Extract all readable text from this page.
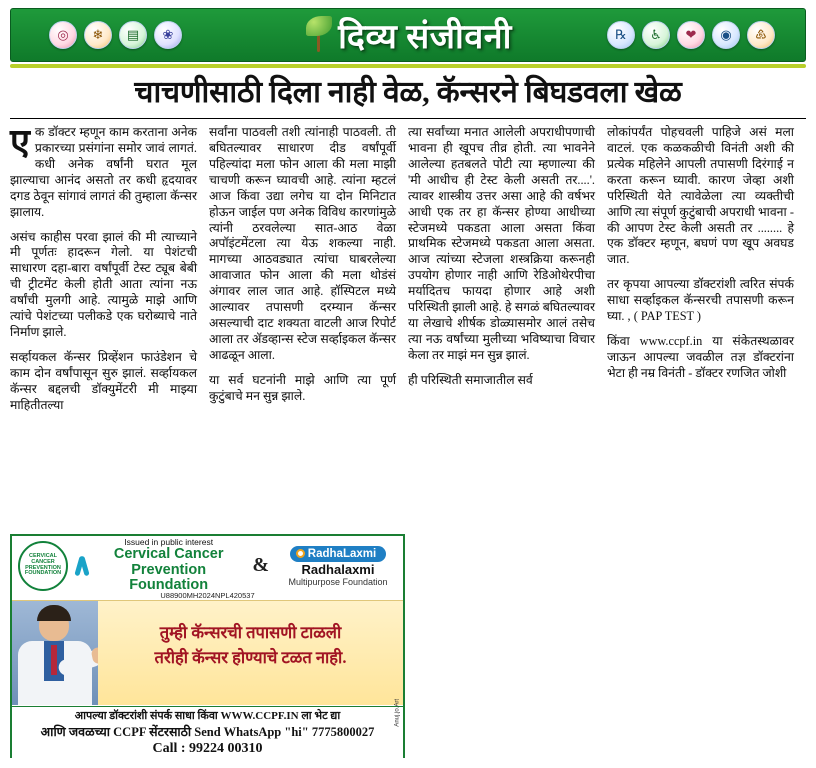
◎	❄	▤	❀	दिव्य संजीवनी	℞	♿	❤	◉	♸
चाचणीसाठी दिला नाही वेळ, कॅन्सरने बिघडवला खेळ

एक डॉक्टर म्हणून काम करताना अनेक प्रकारच्या प्रसंगांना समोर जावं लागतं. कधी अनेक वर्षांनी घरात मूल झाल्याचा आनंद असतो तर कधी हृदयावर दगड ठेवून सांगावं लागतं की तुम्हाला कॅन्सर झालाय.

असंच काहीस परवा झालं की मी त्याच्याने मी पूर्णतः हादरून गेलो. या पेशंटची साधारण दहा-बारा वर्षांपूर्वी टेस्ट ट्यूब बेबी ची ट्रीटमेंट केली होती आता त्यांना नऊ वर्षांची मुलगी आहे. त्यामुळे माझे आणि त्यांचे पेशंटच्या पलीकडे एक घरोब्याचे नाते निर्माण झाले.

सर्व्हायकल कॅन्सर प्रिव्हेंशन फाउंडेशन चे काम दोन वर्षांपासून सुरु झालं. सर्व्हायकल कॅन्सर बद्दलची डॉक्युमेंटरी मी माझ्या माहितीतल्या

सर्वांना पाठवली तशी त्यांनाही पाठवली. ती बघितल्यावर साधारण दीड वर्षांपूर्वी पहिल्यांदा मला फोन आला की मला माझी चाचणी करून घ्यावची आहे. त्यांना म्हटलं आज किंवा उद्या लगेच या दोन मिनिटात होऊन जाईल पण अनेक विविध कारणांमुळे त्यांनी ठरवलेल्या सात-आठ वेळा अपॉइंटमेंटला त्या येऊ शकल्या नाही. मागच्या आठवड्यात त्यांचा घाबरलेल्या आवाजात फोन आला की मला थोडंसं अंगावर लाल जात आहे. हॉस्पिटल मध्ये आल्यावर तपासणी दरम्यान कॅन्सर असल्याची दाट शक्यता वाटली आज रिपोर्ट आला तर ॲडव्हान्स स्टेज सर्व्हाइकल कॅन्सर आढळून आला.

या सर्व घटनांनी माझे आणि त्या पूर्ण कुटुंबाचे मन सुन्न झाले.

त्या सर्वांच्या मनात आलेली अपराधीपणाची भावना ही खूपच तीव्र होती. त्या भावनेने आलेल्या हतबलते पोटी त्या म्हणाल्या की 'मी आधीच ही टेस्ट केली असती तर....'. त्यावर शास्त्रीय उत्तर असा आहे की वर्षभर आधी एक तर हा कॅन्सर होण्या आधीच्या स्टेजमध्ये पकडता आला असता किंवा प्राथमिक स्टेजमध्ये पकडता आला असता. आज त्यांच्या स्टेजला शस्त्रक्रिया करूनही उपयोग होणार नाही आणि रेडिओथेरपीचा मर्यादितच फायदा होणार आहे अशी परिस्थिती झाली आहे. हे सगळं बघितल्यावर या लेखाचे शीर्षक डोळ्यासमोर आलं तसेच त्या नऊ वर्षांच्या मुलीच्या भविष्याचा विचार केला तर माझं मन सुन्न झालं.

ही परिस्थिती समाजातील सर्व

लोकांपर्यंत पोहचवली पाहिजे असं मला वाटलं. एक कळकळीची विनंती अशी की प्रत्येक महिलेने आपली तपासणी दिरंगाई न करता करून घ्यावी. कारण जेव्हा अशी परिस्थिती येते त्यावेळेला त्या व्यक्तीची आणि त्या संपूर्ण कुटुंबाची अपराधी भावना - की आपण टेस्ट केली असती तर ........ हे एक डॉक्टर म्हणून, बघणं पण खूप अवघड जात.

तर कृपया आपल्या डॉक्टरांशी त्वरित संपर्क साधा सर्व्हाइकल कॅन्सरची तपासणी करून घ्या. , ( PAP TEST )

किंवा www.ccpf.in या संकेतस्थळावर जाऊन आपल्या जवळील तज्ञ डॉक्टरांना भेटा ही नम्र विनंती - डॉक्टर रणजित जोशी

CERVICAL CANCER PREVENTION FOUNDATION
Issued in public interest
Cervical Cancer
Prevention Foundation
&
RadhaLaxmi
Radhalaxmi
Multipurpose Foundation
U88900MH2024NPL420537
तुम्ही कॅन्सरची तपासणी टाळली
तरीही कॅन्सर होण्याचे टळत नाही.
Anuj.jo.Art
आपल्या डॉक्टरांशी संपर्क साधा किंवा WWW.CCPF.IN ला भेट द्या
आणि जवळच्या CCPF सेंटरसाठी Send WhatsApp "hi" 7775800027
Call : 99224 00310
